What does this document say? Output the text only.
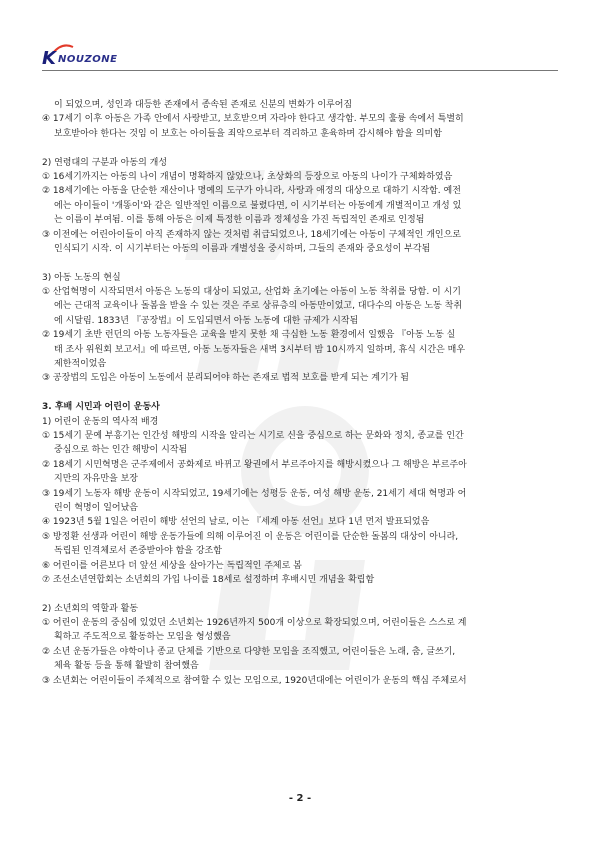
K NOUZONE
이 되었으며, 성인과 대등한 존재에서 종속된 존재로 신분의 변화가 이루어짐
④ 17세기 이후 아동은 가족 안에서 사랑받고, 보호받으며 자라야 한다고 생각함. 부모의 훌륭 속에서 특별히
보호받아야 한다는 것임 이 보호는 아이들을 죄악으로부터 격리하고 훈육하며 감시해야 함을 의미함
2) 연령대의 구분과 아동의 개성
① 16세기까지는 아동의 나이 개념이 명확하지 않았으나, 초상화의 등장으로 아동의 나이가 구체화하였음
② 18세기에는 아동을 단순한 재산이나 명예의 도구가 아니라, 사랑과 애정의 대상으로 대하기 시작함. 예전
에는 아이들이 '개똥이'와 같은 일반적인 이름으로 불렸다면, 이 시기부터는 아동에게 개별적이고 개성 있
는 이름이 부여됨. 이를 통해 아동은 이제 특정한 이름과 정체성을 가진 독립적인 존재로 인정됨
③ 이전에는 어린아이들이 아직 존재하지 않는 것처럼 취급되었으나, 18세기에는 아동이 구체적인 개인으로
인식되기 시작. 이 시기부터는 아동의 이름과 개별성을 중시하며, 그들의 존재와 중요성이 부각됨
3) 아동 노동의 현실
① 산업혁명이 시작되면서 아동은 노동의 대상이 되었고, 산업화 초기에는 아동이 노동 착취를 당함. 이 시기
에는 근대적 교육이나 돌봄을 받을 수 있는 것은 주로 상류층의 아동만이었고, 대다수의 아동은 노동 착취
에 시달림. 1833년 『공장법』이 도입되면서 아동 노동에 대한 규제가 시작됨
② 19세기 초반 런던의 아동 노동자들은 교육을 받지 못한 채 극심한 노동 환경에서 일했음 『아동 노동 실
태 조사 위원회 보고서』에 따르면, 아동 노동자들은 새벽 3시부터 밤 10시까지 일하며, 휴식 시간은 매우
제한적이었음
③ 공장법의 도입은 아동이 노동에서 분리되어야 하는 존재로 법적 보호를 받게 되는 계기가 됨
3. 후배 시민과 어린이 운동사
1) 어린이 운동의 역사적 배경
① 15세기 문예 부흥기는 인간성 해방의 시작을 알리는 시기로 신을 중심으로 하는 문화와 정치, 종교를 인간
중심으로 하는 인간 해방이 시작됨
② 18세기 시민혁명은 군주제에서 공화제로 바뀌고 왕권에서 부르주아지를 해방시켰으나 그 해방은 부르주아
지만의 자유만을 보장
③ 19세기 노동자 해방 운동이 시작되었고, 19세기에는 성평등 운동, 여성 해방 운동, 21세기 세대 혁명과 어
린이 혁명이 일어났음
④ 1923년 5월 1일은 어린이 해방 선언의 날로, 이는 『세계 아동 선언』보다 1년 먼저 발표되었음
⑤ 방정환 선생과 어린이 해방 운동가들에 의해 이루어진 이 운동은 어린이를 단순한 돌봄의 대상이 아니라,
독립된 인격체로서 존중받아야 함을 강조함
⑥ 어린이를 어른보다 더 앞선 세상을 살아가는 독립적인 주체로 봄
⑦ 조선소년연합회는 소년회의 가입 나이를 18세로 설정하며 후배시민 개념을 확립함
2) 소년회의 역할과 활동
① 어린이 운동의 중심에 있었던 소년회는 1926년까지 500개 이상으로 확장되었으며, 어린이들은 스스로 계
획하고 주도적으로 활동하는 모임을 형성했음
② 소년 운동가들은 야학이나 종교 단체를 기반으로 다양한 모임을 조직했고, 어린이들은 노래, 춤, 글쓰기,
체육 활동 등을 통해 활발히 참여했음
③ 소년회는 어린이들이 주체적으로 참여할 수 있는 모임으로, 1920년대에는 어린이가 운동의 핵심 주체로서
- 2 -
